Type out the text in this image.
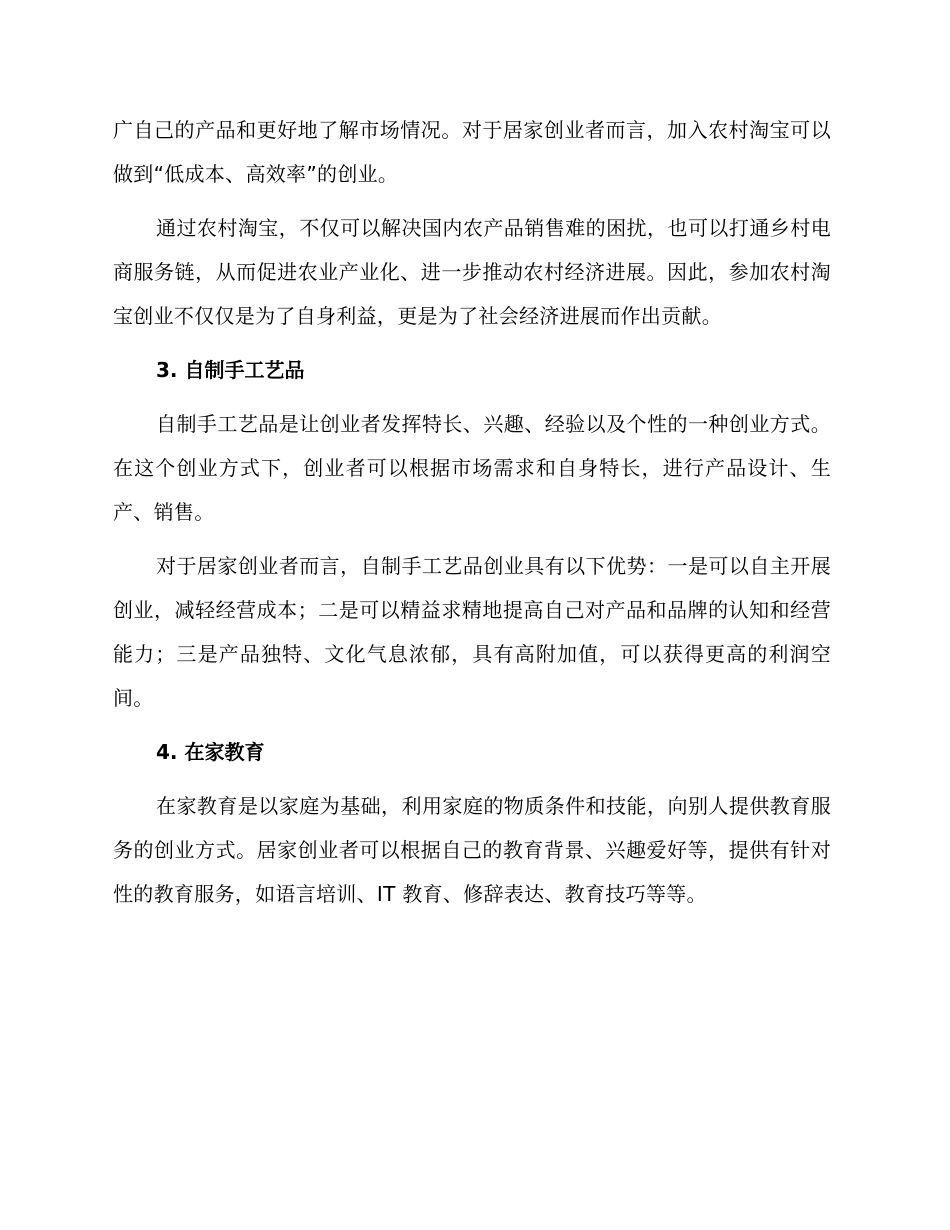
广自己的产品和更好地了解市场情况。对于居家创业者而言，加入农村淘宝可以做到“低成本、高效率”的创业。

通过农村淘宝，不仅可以解决国内农产品销售难的困扰，也可以打通乡村电商服务链，从而促进农业产业化、进一步推动农村经济进展。因此，参加农村淘宝创业不仅仅是为了自身利益，更是为了社会经济进展而作出贡献。

3. 自制手工艺品

自制手工艺品是让创业者发挥特长、兴趣、经验以及个性的一种创业方式。在这个创业方式下，创业者可以根据市场需求和自身特长，进行产品设计、生产、销售。

对于居家创业者而言，自制手工艺品创业具有以下优势：一是可以自主开展创业，减轻经营成本；二是可以精益求精地提高自己对产品和品牌的认知和经营能力；三是产品独特、文化气息浓郁，具有高附加值，可以获得更高的利润空间。

4. 在家教育

在家教育是以家庭为基础，利用家庭的物质条件和技能，向别人提供教育服务的创业方式。居家创业者可以根据自己的教育背景、兴趣爱好等，提供有针对性的教育服务，如语言培训、IT 教育、修辞表达、教育技巧等等。
